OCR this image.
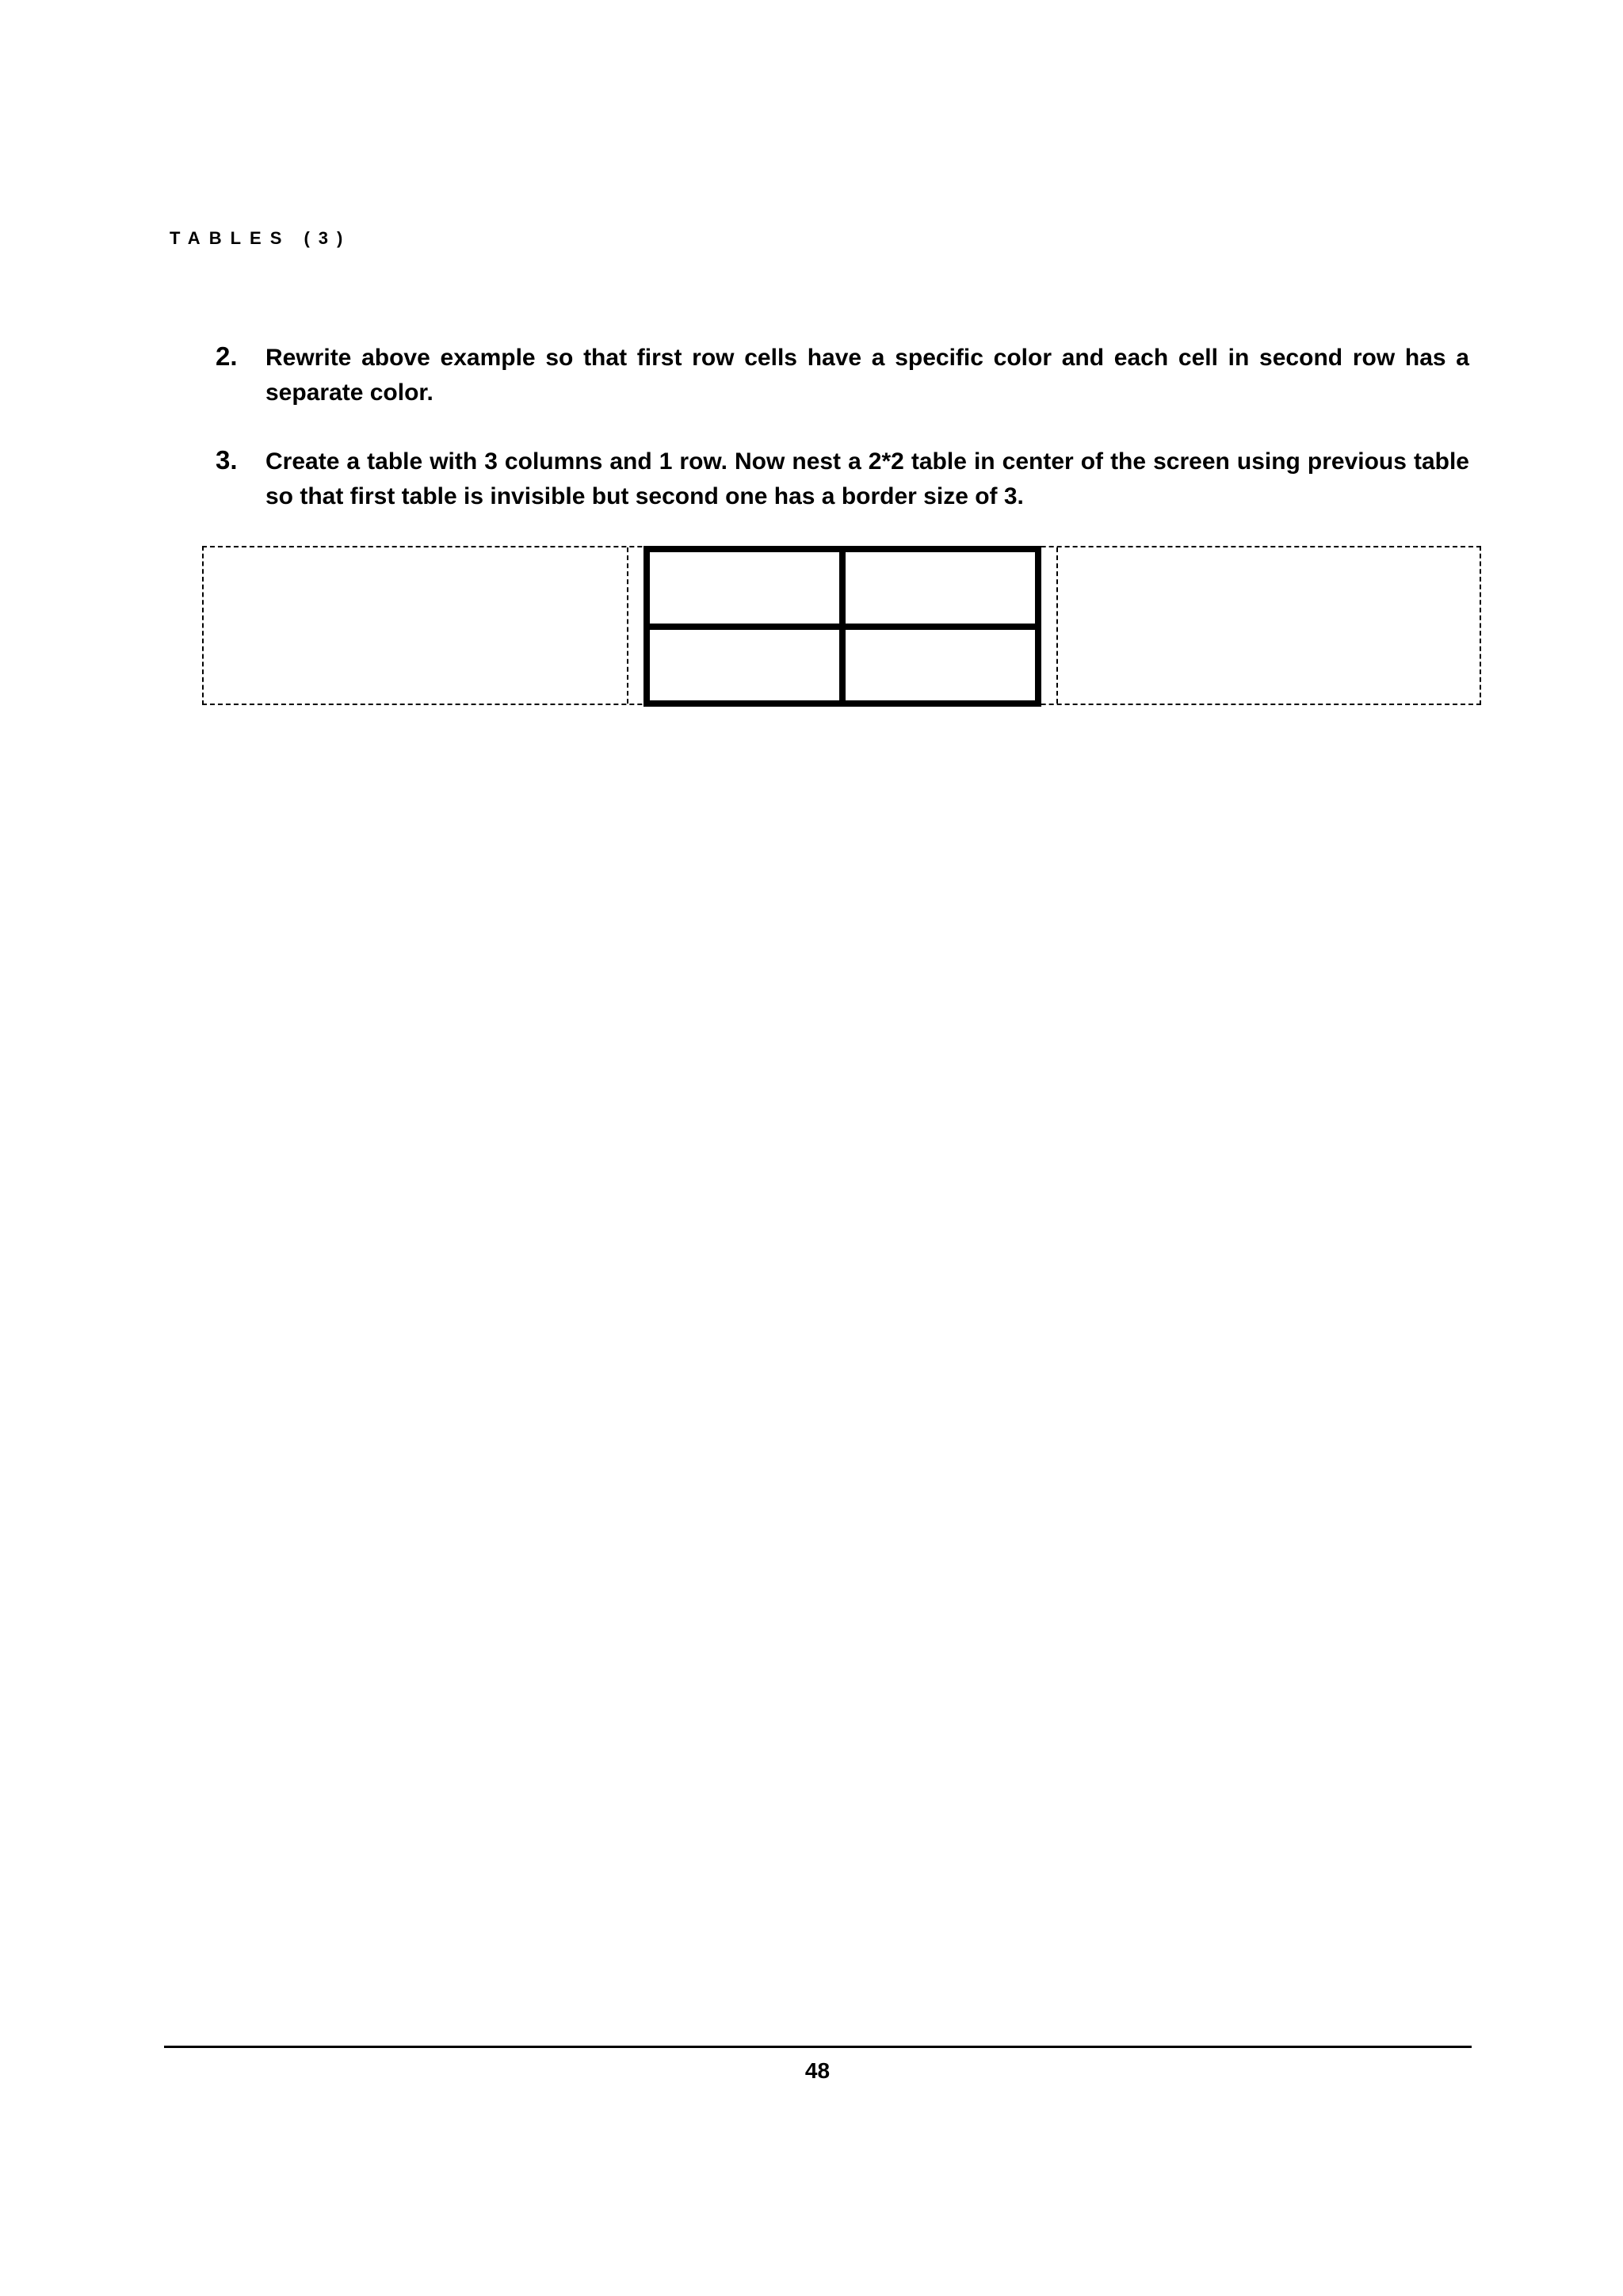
TABLES (3)
2. Rewrite above example so that first row cells have a specific color and each cell in second row has a separate color.
3. Create a table with 3 columns and 1 row. Now nest a 2*2 table in center of the screen using previous table so that first table is invisible but second one has a border size of 3.

48
